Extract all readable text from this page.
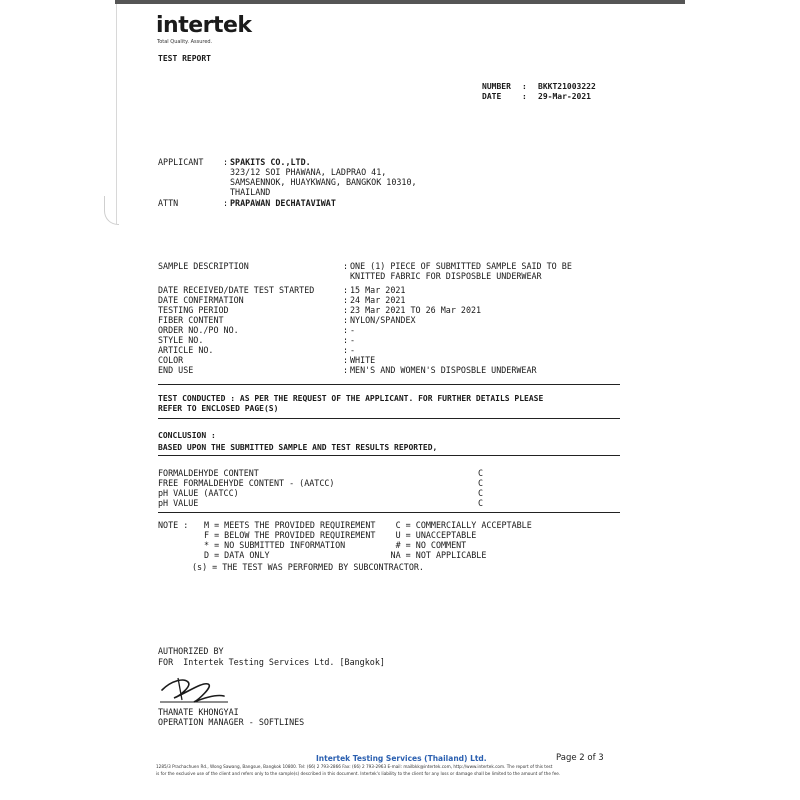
intertek
Total Quality. Assured.
TEST REPORT
NUMBER : BKKT21003222
DATE	: 29-Mar-2021
APPLICANT : SPAKITS CO.,LTD.
323/12 SOI PHAWANA, LADPRAO 41,
SAMSAENNOK, HUAYKWANG, BANGKOK 10310,
THAILAND
ATTN	: PRAPAWAN DECHATAVIWAT
SAMPLE DESCRIPTION	: ONE (1) PIECE OF SUBMITTED SAMPLE SAID TO BE
KNITTED FABRIC FOR DISPOSBLE UNDERWEAR
DATE RECEIVED/DATE TEST STARTED	: 15 Mar 2021
DATE CONFIRMATION	: 24 Mar 2021
TESTING PERIOD	: 23 Mar 2021 TO 26 Mar 2021
FIBER CONTENT	: NYLON/SPANDEX
ORDER NO./PO NO.	: -
STYLE NO.	: -
ARTICLE NO.	: -
COLOR	: WHITE
END USE	: MEN'S AND WOMEN'S DISPOSBLE UNDERWEAR
TEST CONDUCTED : AS PER THE REQUEST OF THE APPLICANT. FOR FURTHER DETAILS PLEASE
REFER TO ENCLOSED PAGE(S)
CONCLUSION :
BASED UPON THE SUBMITTED SAMPLE AND TEST RESULTS REPORTED,
FORMALDEHYDE CONTENT	C
FREE FORMALDEHYDE CONTENT - (AATCC)	C
pH VALUE (AATCC)	C
pH VALUE	C
NOTE : M = MEETS THE PROVIDED REQUIREMENT    C = COMMERCIALLY ACCEPTABLE
F = BELOW THE PROVIDED REQUIREMENT    U = UNACCEPTABLE
* = NO SUBMITTED INFORMATION          # = NO COMMENT
D = DATA ONLY                        NA = NOT APPLICABLE
(s) = THE TEST WAS PERFORMED BY SUBCONTRACTOR.
AUTHORIZED BY
FOR  Intertek Testing Services Ltd. [Bangkok]
THANATE KHONGYAI
OPERATION MANAGER - SOFTLINES
Intertek Testing Services (Thailand) Ltd.	Page 2 of 3
1285/3 Prachachuen Rd., Wong Sawang, Bangsue, Bangkok 10800. Tel: (66) 2 793-2866 Fax: (66) 2 793-2963 E-mail: mailbkk@intertek.com, http://www.intertek.com. The report of this test
is for the exclusive use of the client and refers only to the sample(s) described in this document. Intertek's liability to the client for any loss or damage shall be limited to the amount of the fee.
